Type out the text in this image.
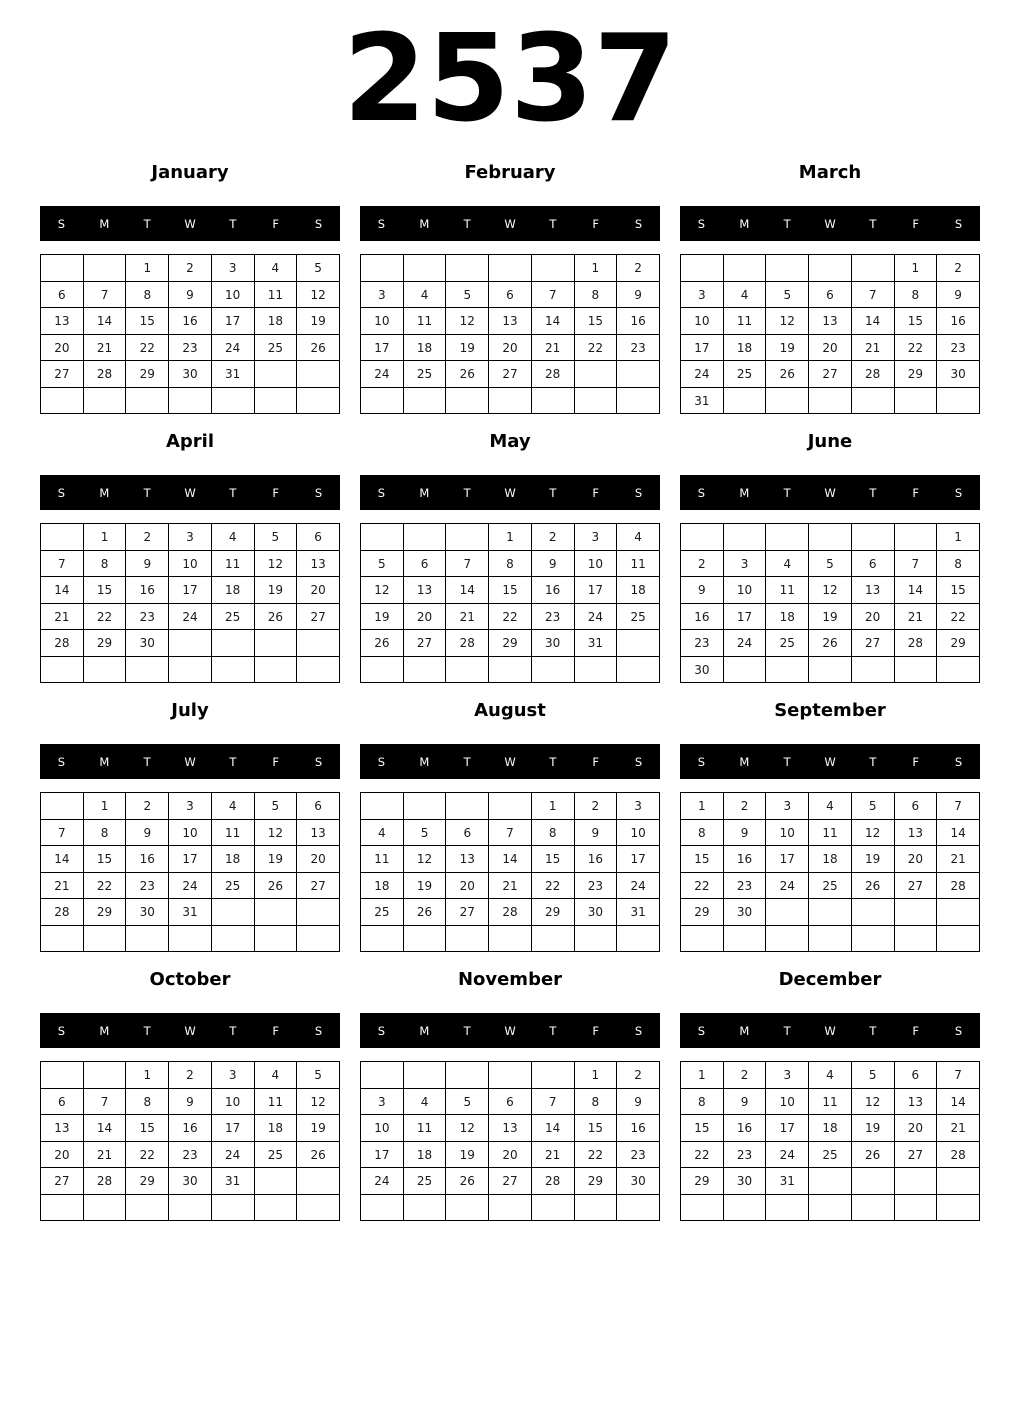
2537
January
S	M	T	W	T	F	S
		1	2	3	4	5
6	7	8	9	10	11	12
13	14	15	16	17	18	19
20	21	22	23	24	25	26
27	28	29	30	31		

February
S	M	T	W	T	F	S
					1	2
3	4	5	6	7	8	9
10	11	12	13	14	15	16
17	18	19	20	21	22	23
24	25	26	27	28		

March
S	M	T	W	T	F	S
					1	2
3	4	5	6	7	8	9
10	11	12	13	14	15	16
17	18	19	20	21	22	23
24	25	26	27	28	29	30
31						
April
S	M	T	W	T	F	S
	1	2	3	4	5	6
7	8	9	10	11	12	13
14	15	16	17	18	19	20
21	22	23	24	25	26	27
28	29	30				

May
S	M	T	W	T	F	S
			1	2	3	4
5	6	7	8	9	10	11
12	13	14	15	16	17	18
19	20	21	22	23	24	25
26	27	28	29	30	31	

June
S	M	T	W	T	F	S
						1
2	3	4	5	6	7	8
9	10	11	12	13	14	15
16	17	18	19	20	21	22
23	24	25	26	27	28	29
30						
July
S	M	T	W	T	F	S
	1	2	3	4	5	6
7	8	9	10	11	12	13
14	15	16	17	18	19	20
21	22	23	24	25	26	27
28	29	30	31			

August
S	M	T	W	T	F	S
				1	2	3
4	5	6	7	8	9	10
11	12	13	14	15	16	17
18	19	20	21	22	23	24
25	26	27	28	29	30	31

September
S	M	T	W	T	F	S
1	2	3	4	5	6	7
8	9	10	11	12	13	14
15	16	17	18	19	20	21
22	23	24	25	26	27	28
29	30					

October
S	M	T	W	T	F	S
		1	2	3	4	5
6	7	8	9	10	11	12
13	14	15	16	17	18	19
20	21	22	23	24	25	26
27	28	29	30	31		

November
S	M	T	W	T	F	S
					1	2
3	4	5	6	7	8	9
10	11	12	13	14	15	16
17	18	19	20	21	22	23
24	25	26	27	28	29	30

December
S	M	T	W	T	F	S
1	2	3	4	5	6	7
8	9	10	11	12	13	14
15	16	17	18	19	20	21
22	23	24	25	26	27	28
29	30	31				
